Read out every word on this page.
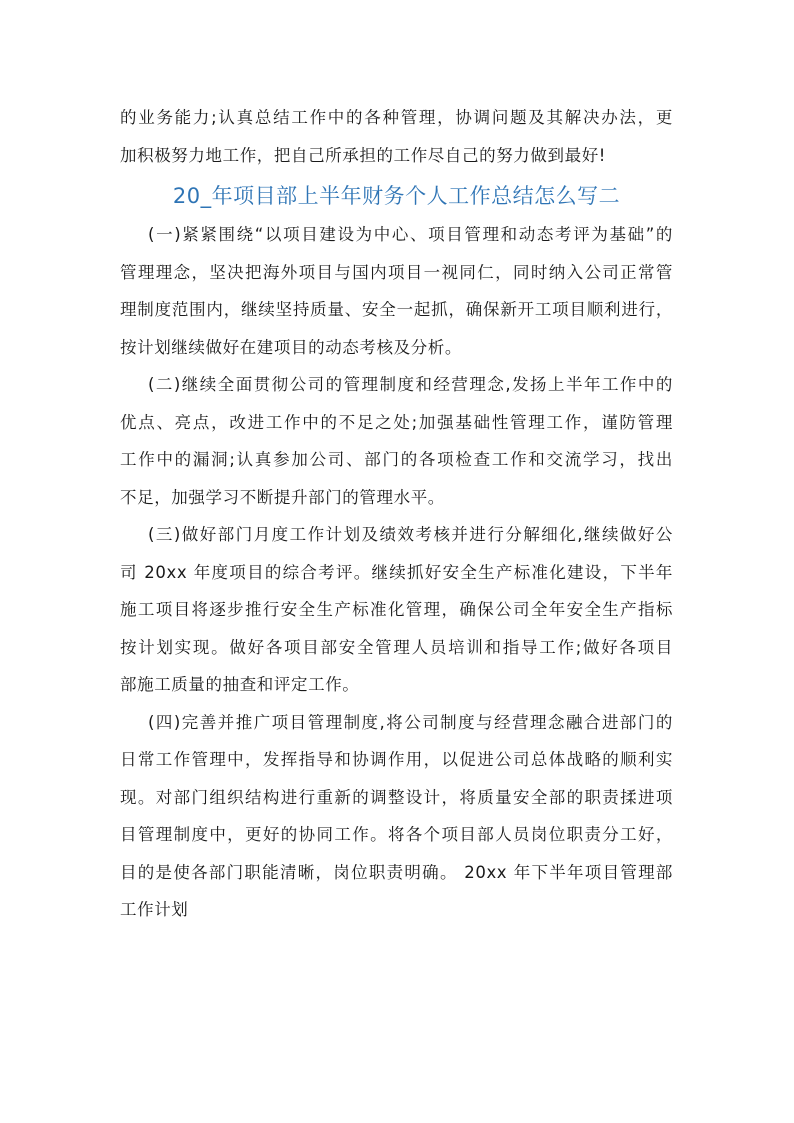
的业务能力;认真总结工作中的各种管理，协调问题及其解决办法，更
加积极努力地工作，把自己所承担的工作尽自己的努力做到最好!
20_年项目部上半年财务个人工作总结怎么写二
(一)紧紧围绕“以项目建设为中心、项目管理和动态考评为基础”的
管理理念，坚决把海外项目与国内项目一视同仁，同时纳入公司正常管
理制度范围内，继续坚持质量、安全一起抓，确保新开工项目顺利进行，
按计划继续做好在建项目的动态考核及分析。
(二)继续全面贯彻公司的管理制度和经营理念,发扬上半年工作中的
优点、亮点，改进工作中的不足之处;加强基础性管理工作，谨防管理
工作中的漏洞;认真参加公司、部门的各项检查工作和交流学习，找出
不足，加强学习不断提升部门的管理水平。
(三)做好部门月度工作计划及绩效考核并进行分解细化,继续做好公
司 20xx 年度项目的综合考评。继续抓好安全生产标准化建设，下半年
施工项目将逐步推行安全生产标准化管理，确保公司全年安全生产指标
按计划实现。做好各项目部安全管理人员培训和指导工作;做好各项目
部施工质量的抽查和评定工作。
(四)完善并推广项目管理制度,将公司制度与经营理念融合进部门的
日常工作管理中，发挥指导和协调作用，以促进公司总体战略的顺利实
现。对部门组织结构进行重新的调整设计，将质量安全部的职责揉进项
目管理制度中，更好的协同工作。将各个项目部人员岗位职责分工好，
目的是使各部门职能清晰，岗位职责明确。 20xx 年下半年项目管理部
工作计划
